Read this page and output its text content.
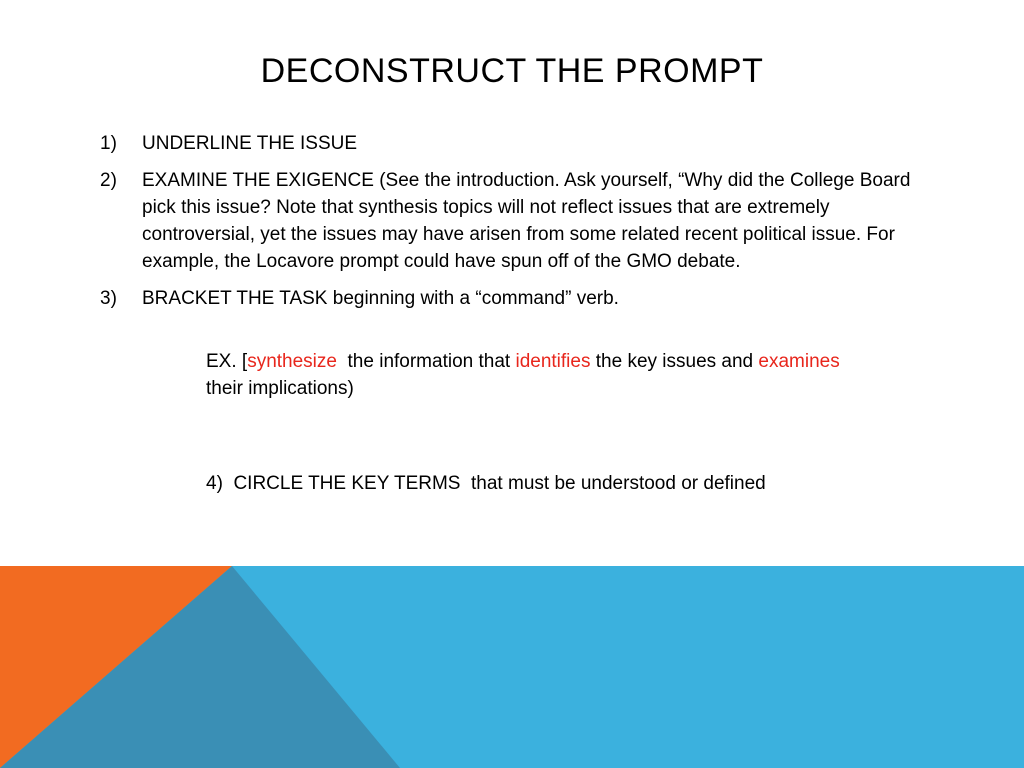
DECONSTRUCT THE PROMPT
1)	UNDERLINE THE ISSUE
2)	EXAMINE THE EXIGENCE (See the introduction. Ask yourself, “Why did the College Board pick this issue? Note that synthesis topics will not reflect issues that are extremely controversial, yet the issues may have arisen from some related recent political issue. For example, the Locavore prompt could have spun off of the GMO debate.
3)	BRACKET THE TASK beginning with a “command” verb.
EX. [synthesize  the information that identifies the key issues and examines  their implications)
4)  CIRCLE THE KEY TERMS  that must be understood or defined
